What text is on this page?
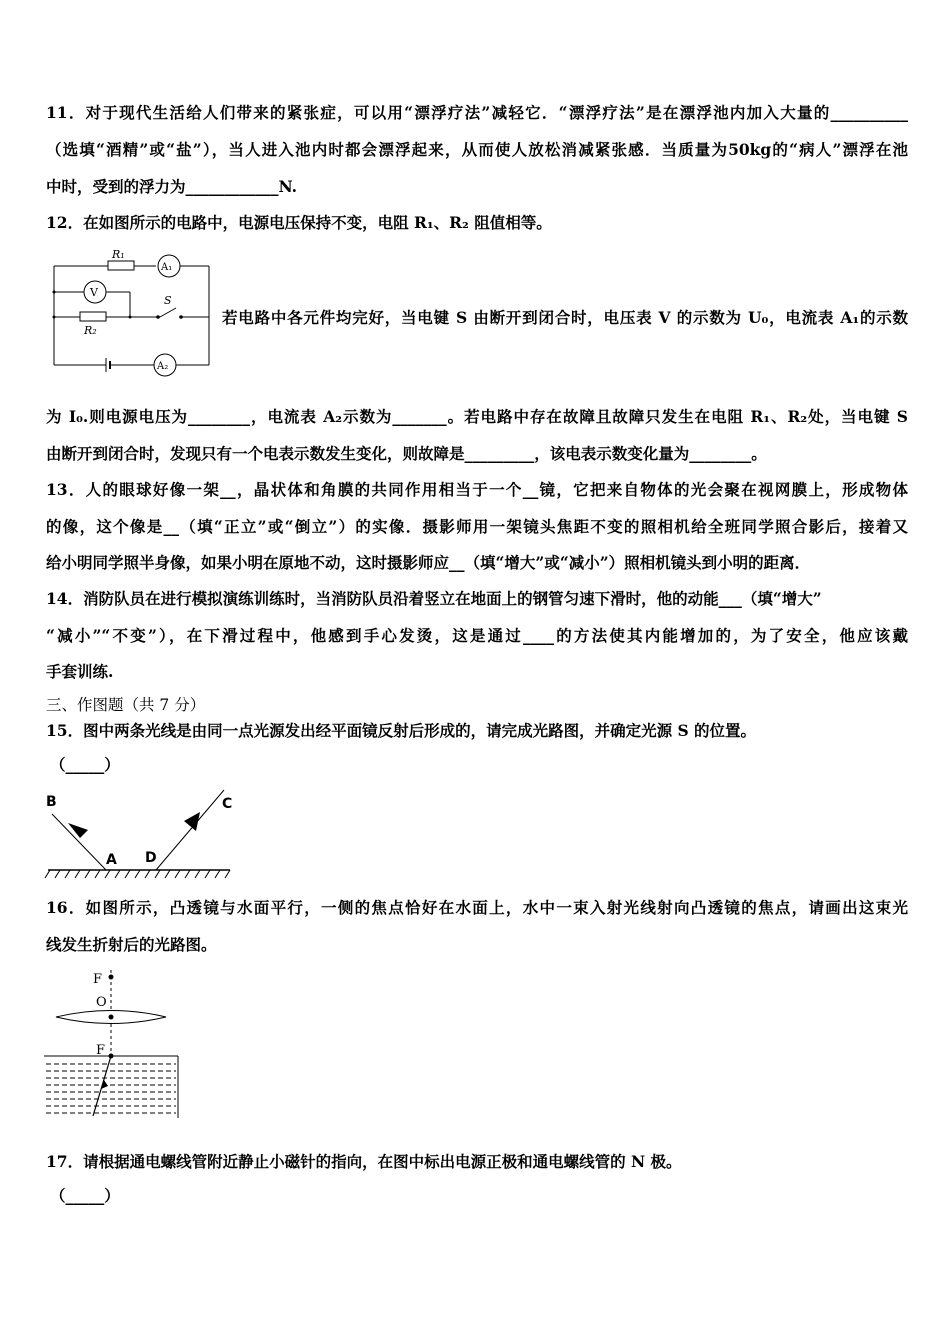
11．对于现代生活给人们带来的紧张症，可以用“漂浮疗法”减轻它．“漂浮疗法”是在漂浮池内加入大量的__________
（选填“酒精”或“盐”），当人进入池内时都会漂浮起来，从而使人放松消减紧张感．当质量为50kg的“病人”漂浮在池
中时，受到的浮力为____________N.
12．在如图所示的电路中，电源电压保持不变，电阻 R₁、R₂ 阻值相等。
R₁
R₂
A₁
V
A₂
S
若电路中各元件均完好，当电键 S 由断开到闭合时，电压表 V 的示数为 U₀，电流表 A₁的示数
为 I₀.则电源电压为________，电流表 A₂示数为_______。若电路中存在故障且故障只发生在电阻 R₁、R₂处，当电键 S
由断开到闭合时，发现只有一个电表示数发生变化，则故障是_________，该电表示数变化量为________。
13．人的眼球好像一架__，晶状体和角膜的共同作用相当于一个__镜，它把来自物体的光会聚在视网膜上，形成物体
的像，这个像是__（填“正立”或“倒立”）的实像．摄影师用一架镜头焦距不变的照相机给全班同学照合影后，接着又
给小明同学照半身像，如果小明在原地不动，这时摄影师应__（填“增大”或“减小”）照相机镜头到小明的距离．
14．消防队员在进行模拟演练训练时，当消防队员沿着竖立在地面上的钢管匀速下滑时，他的动能___（填“增大”
“减小”“不变”），在下滑过程中，他感到手心发烫，这是通过____的方法使其内能增加的，为了安全，他应该戴
手套训练.
三、作图题（共 7 分）
15．图中两条光线是由同一点光源发出经平面镜反射后形成的，请完成光路图，并确定光源 S 的位置。
（_____）
B
A D
C
16．如图所示，凸透镜与水面平行，一侧的焦点恰好在水面上，水中一束入射光线射向凸透镜的焦点，请画出这束光
线发生折射后的光路图。
F
O
F
17．请根据通电螺线管附近静止小磁针的指向，在图中标出电源正极和通电螺线管的 N 极。
（_____）
